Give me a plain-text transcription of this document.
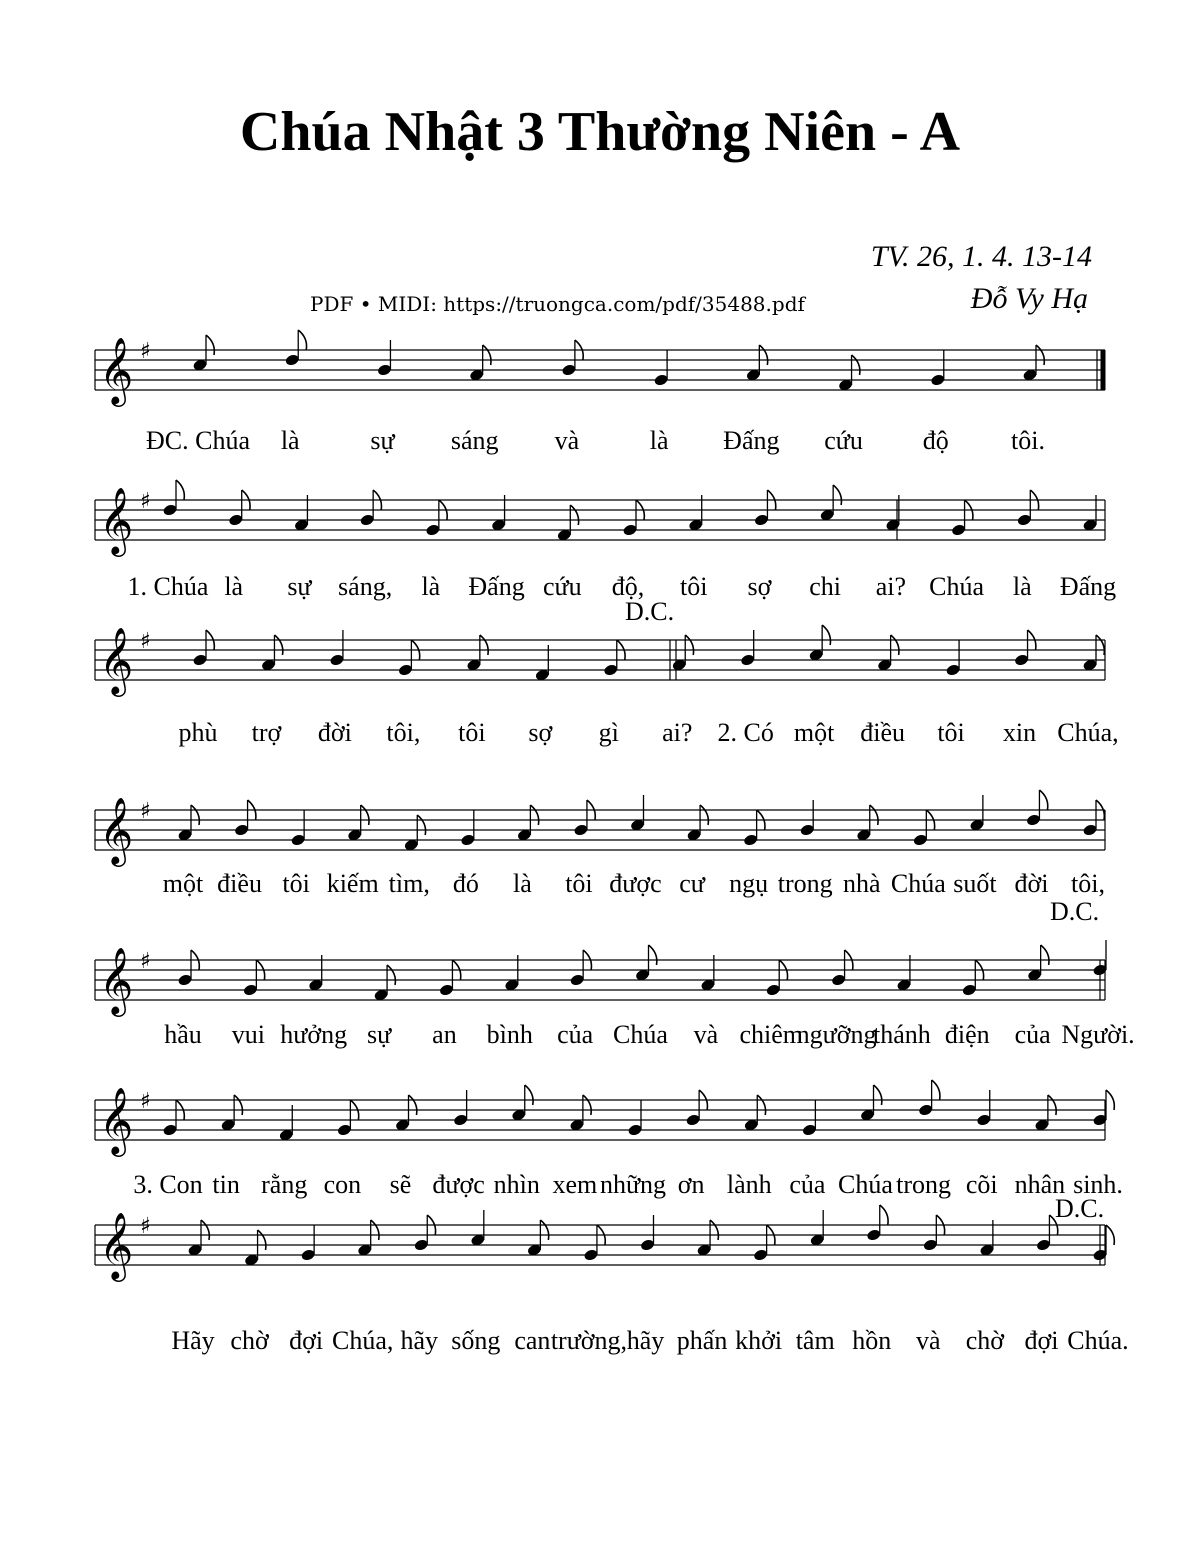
Chúa Nhật 3 Thường Niên - A
TV. 26, 1. 4. 13-14
PDF • MIDI: https://truongca.com/pdf/35488.pdf	Đỗ Vy Hạ
𝄞 ♯
𝄞 ♯
𝄞 ♯
𝄞 ♯
𝄞 ♯
𝄞 ♯
𝄞 ♯
ĐC. Chúa là	sự sáng và	là Đấng cứu độ tôi.
1. Chúa là sự sáng, là Đấng cứu độ, tôi sợ chi ai? Chúa là Đấng
phù trợ đời tôi, tôi sợ gì ai? 2. Có một điều tôi xin Chúa,
D.C.
một điều tôi kiếm tìm, đó là tôi được cư ngụ trong nhà Chúa suốt đời tôi,
hầu vui hưởng sự an bình của Chúa và chiêm
ngưỡng
thánh điện của Người.
D.C.
3. Con tin rằng con sẽ được nhìn xem những ơn lành của Chúa trong cõi nhân sinh.
Hãy chờ đợi Chúa, hãy sống can trường, hãy phấn khởi tâm hồn và chờ đợi Chúa.
D.C.
